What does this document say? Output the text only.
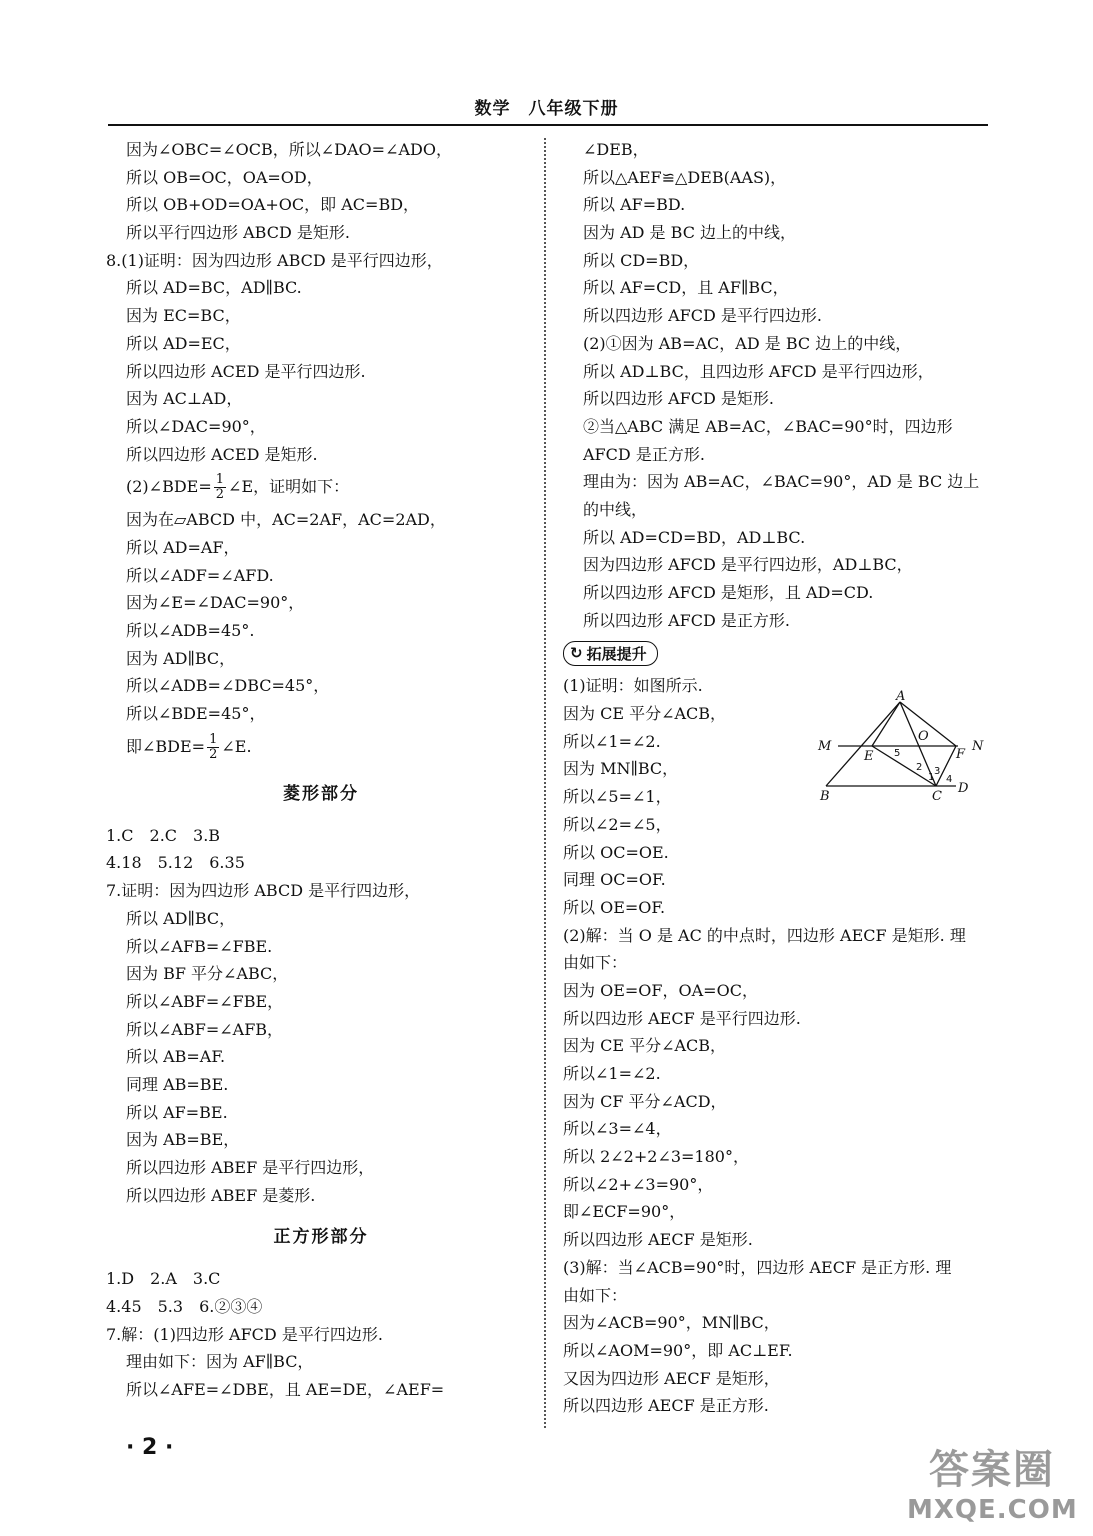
数学　八年级下册
因为∠OBC=∠OCB，所以∠DAO=∠ADO，
所以 OB=OC，OA=OD，
所以 OB+OD=OA+OC，即 AC=BD，
所以平行四边形 ABCD 是矩形.
8.(1)证明：因为四边形 ABCD 是平行四边形，
所以 AD=BC，AD∥BC.
因为 EC=BC，
所以 AD=EC，
所以四边形 ACED 是平行四边形.
因为 AC⊥AD，
所以∠DAC=90°，
所以四边形 ACED 是矩形.
(2)∠BDE= $\frac{1}{2}$ ∠E，证明如下：
因为在▱ABCD 中，AC=2AF，AC=2AD，
所以 AD=AF，
所以∠ADF=∠AFD.
因为∠E=∠DAC=90°，
所以∠ADB=45°.
因为 AD∥BC，
所以∠ADB=∠DBC=45°，
所以∠BDE=45°，
即∠BDE= $\frac{1}{2}$ ∠E.
菱形部分
1.C　2.C　3.B
4.18　5.12　6.35
7.证明：因为四边形 ABCD 是平行四边形，
所以 AD∥BC，
所以∠AFB=∠FBE.
因为 BF 平分∠ABC，
所以∠ABF=∠FBE，
所以∠ABF=∠AFB，
所以 AB=AF.
同理 AB=BE.
所以 AF=BE.
因为 AB=BE，
所以四边形 ABEF 是平行四边形，
所以四边形 ABEF 是菱形.
正方形部分
1.D　2.A　3.C
4.45　5.3　6.②③④
7.解：(1)四边形 AFCD 是平行四边形.
理由如下：因为 AF∥BC，
所以∠AFE=∠DBE，且 AE=DE，∠AEF=
∠DEB，
所以△AEF≌△DEB(AAS)，
所以 AF=BD.
因为 AD 是 BC 边上的中线，
所以 CD=BD，
所以 AF=CD，且 AF∥BC，
所以四边形 AFCD 是平行四边形.
(2)①因为 AB=AC，AD 是 BC 边上的中线，
所以 AD⊥BC，且四边形 AFCD 是平行四边形，
所以四边形 AFCD 是矩形.
②当△ABC 满足 AB=AC，∠BAC=90°时，四边形
AFCD 是正方形.
理由为：因为 AB=AC，∠BAC=90°，AD 是 BC 边上
的中线，
所以 AD=CD=BD，AD⊥BC.
因为四边形 AFCD 是平行四边形，AD⊥BC，
所以四边形 AFCD 是矩形，且 AD=CD.
所以四边形 AFCD 是正方形.
↻ 拓展提升
(1)证明：如图所示.
因为 CE 平分∠ACB，
所以∠1=∠2.
因为 MN∥BC，
所以∠5=∠1，
所以∠2=∠5，
所以 OC=OE.
同理 OC=OF.
所以 OE=OF.
(2)解：当 O 是 AC 的中点时，四边形 AECF 是矩形. 理
由如下：
因为 OE=OF，OA=OC，
所以四边形 AECF 是平行四边形.
因为 CE 平分∠ACB，
所以∠1=∠2.
因为 CF 平分∠ACD，
所以∠3=∠4，
所以 2∠2+2∠3=180°，
所以∠2+∠3=90°，
即∠ECF=90°，
所以四边形 AECF 是矩形.
(3)解：当∠ACB=90°时，四边形 AECF 是正方形. 理
由如下：
因为∠ACB=90°，MN∥BC，
所以∠AOM=90°，即 AC⊥EF.
又因为四边形 AECF 是矩形，
所以四边形 AECF 是正方形.
A
M
E
O
F
N
B	C
D
1
2 3
4
5
· 2 ·	答案圈
MXQE.COM
